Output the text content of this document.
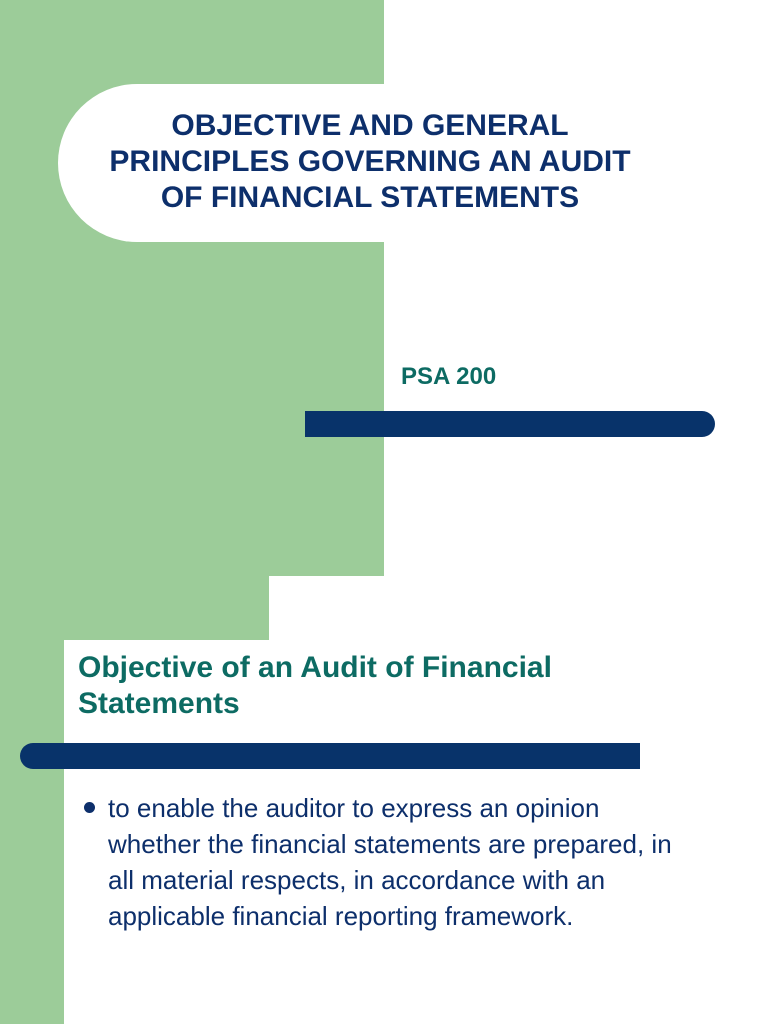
OBJECTIVE AND GENERAL PRINCIPLES GOVERNING AN AUDIT OF FINANCIAL STATEMENTS

PSA 200

Objective of an Audit of Financial Statements
to enable the auditor to express an opinion whether the financial statements are prepared, in all material respects, in accordance with an applicable financial reporting framework.
